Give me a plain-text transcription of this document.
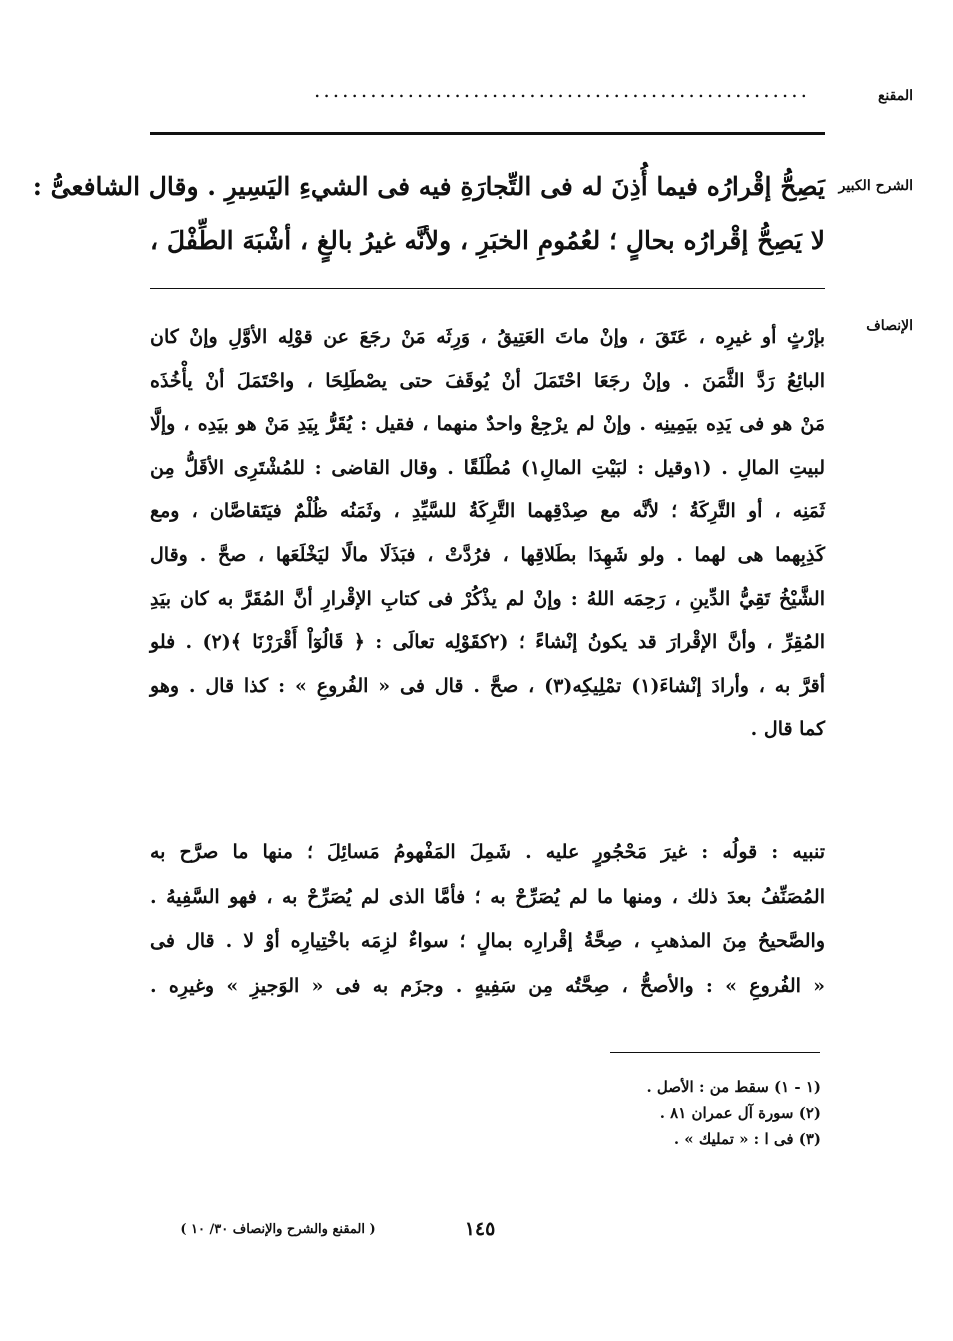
المقنع
.....................................................
الشرح الكبير
الإنصاف

يَصِحُّ إقْرارُه فيما أُذِنَ له فى التِّجارَةِ فيه فى الشيءِ اليَسِيرِ . وقال الشافعىُّ :

لا يَصِحُّ إقْرارُه بحالٍ ؛ لعُمُومِ الخبَرِ ، ولأنَّه غيرُ بالغٍ ، أشْبَهَ الطِّفْلَ ،

بإرْثٍ أو غيرِه ، عَتَقَ ، وإنْ ماتَ العَتِيقُ ، وَرِثَه مَنْ رجَعَ عن قوْلِه الأوَّلِ وإنْ كان

البائِعُ رَدَّ الثَّمَنَ . وإنْ رجَعَا احْتَمَلَ أنْ يُوقَفَ حتى يصْطَلِحَا ، واحْتَمَلَ أنْ يأْخُذَه

مَنْ هو فى يَدِه بيَمِينِه . وإنْ لم يرْجِعْ واحدٌ منهما ، فقيل : يُقَرُّ بِيَدِ مَنْ هو بيَدِه ، وإلَّا

لبيتِ المالِ . (١وقيل : لبَيْتِ المالِ١) مُطْلَقًا . وقال القاضى : للمُشْتَرِى الأقَلُّ مِن

ثَمَنِه ، أو التَّرِكَةُ ؛ لأنَّه مع صِدْقِهما التَّرِكَةُ للسَّيِّدِ ، وثَمَنُه ظُلْمٌ فيَتَقاصَّان ، ومع

كَذِبِهما هى لهما . ولو شَهِدَا بطَلاقِها ، فرُدَّتْ ، فبَذَلَا مالًا ليَخْلَعَها ، صحَّ . وقال

الشَّيْخُ تَقِيُّ الدِّينِ ، رَحِمَه اللهُ : وإنْ لم يذْكُرْ فى كتابِ الإقْرارِ أنَّ المُقَرَّ به كان بيَدِ

المُقِرِّ ، وأنَّ الإقْرارَ قد يكونُ إنْشاءً ؛ (٢كقَوْلِه تعالَى : ﴿ قَالُوٓاْ أَقْرَرْنَا ﴾(٢) . فلو

أقرَّ به ، وأرادَ إنْشاءَ(١) تمْلِيكِه(٣) ، صحَّ . قال فى « الفُروعِ » : كذا قال . وهو

كما قال .

تنبيه : قولُه : غيرَ مَحْجُورٍ عليه . شَمِلَ المَفْهومُ مَسائِلَ ؛ منها ما صرَّح به

المُصَنِّفُ بعدَ ذلك ، ومنها ما لم يُصَرِّحْ به ؛ فأمَّا الذى لم يُصَرِّحْ به ، فهو السَّفِيهُ .

والصَّحيحُ مِنَ المذهبِ ، صِحَّةُ إقْرارِه بمالٍ ؛ سواءٌ لزِمَه باخْتِيارِه أوْ لا . قال فى

« الفُروعِ » : والأصحُّ ، صِحَّتُه مِن سَفِيهٍ . وجزَم به فى « الوَجيزِ » وغيرِه .

(١ - ١) سقط من : الأصل .
(٢) سورة آل عمران ٨١ .
(٣) فى ا : « تمليك » .
١٤٥
( المقنع والشرح والإنصاف ٣٠/ ١٠ )
